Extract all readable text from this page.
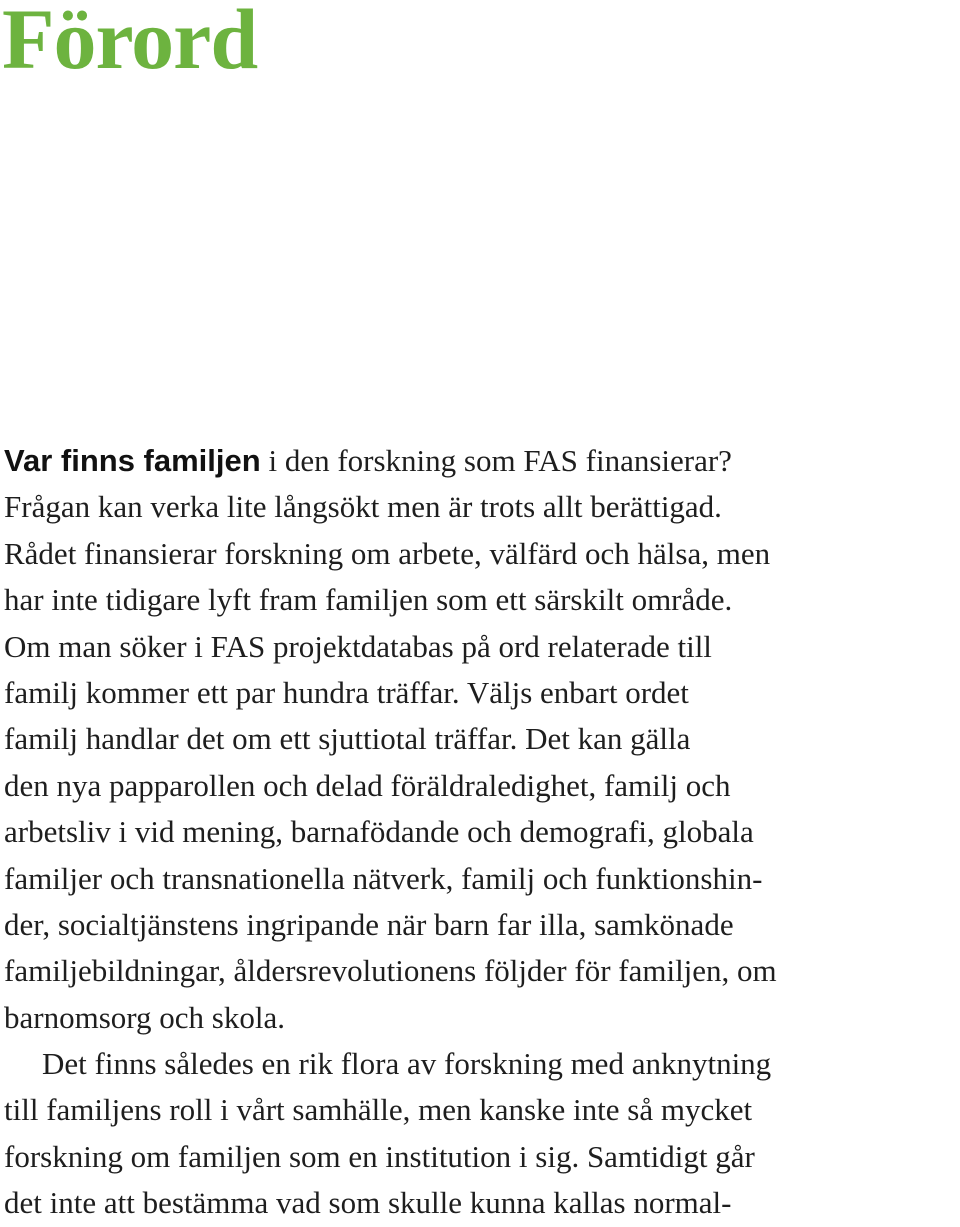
Förord
Var finns familjen i den forskning som FAS finansierar?
Frågan kan verka lite långsökt men är trots allt berättigad.
Rådet finansierar forskning om arbete, välfärd och hälsa, men
har inte tidigare lyft fram familjen som ett särskilt område.
Om man söker i FAS projektdatabas på ord relaterade till
familj kommer ett par hundra träffar. Väljs enbart ordet
familj handlar det om ett sjuttiotal träffar. Det kan gälla
den nya papparollen och delad föräldraledighet, familj och
arbetsliv i vid mening, barnafödande och demografi, globala
familjer och transnationella nätverk, familj och funktionshin-
der, socialtjänstens ingripande när barn far illa, samkönade
familjebildningar, åldersrevolutionens följder för familjen, om
barnomsorg och skola.
Det finns således en rik flora av forskning med anknytning
till familjens roll i vårt samhälle, men kanske inte så mycket
forskning om familjen som en institution i sig. Samtidigt går
det inte att bestämma vad som skulle kunna kallas normal-
